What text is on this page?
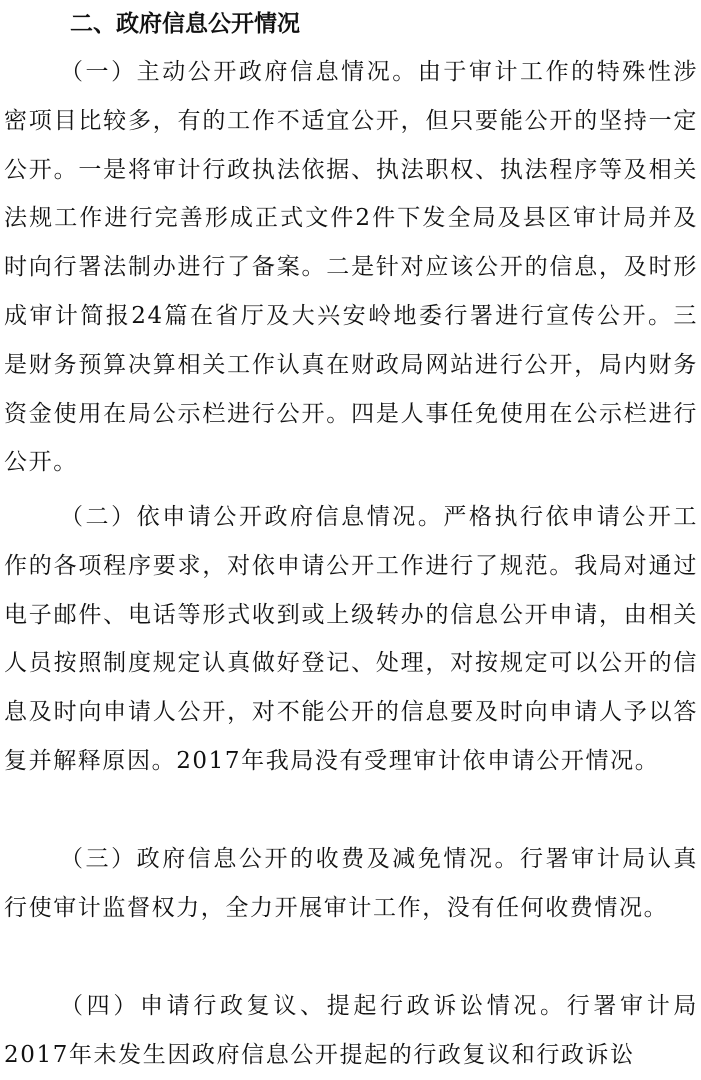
二、政府信息公开情况

（一）主动公开政府信息情况。由于审计工作的特殊性涉密项目比较多，有的工作不适宜公开，但只要能公开的坚持一定公开。一是将审计行政执法依据、执法职权、执法程序等及相关法规工作进行完善形成正式文件2件下发全局及县区审计局并及时向行署法制办进行了备案。二是针对应该公开的信息，及时形成审计简报24篇在省厅及大兴安岭地委行署进行宣传公开。三是财务预算决算相关工作认真在财政局网站进行公开，局内财务资金使用在局公示栏进行公开。四是人事任免使用在公示栏进行公开。

（二）依申请公开政府信息情况。严格执行依申请公开工作的各项程序要求，对依申请公开工作进行了规范。我局对通过电子邮件、电话等形式收到或上级转办的信息公开申请，由相关人员按照制度规定认真做好登记、处理，对按规定可以公开的信息及时向申请人公开，对不能公开的信息要及时向申请人予以答复并解释原因。2017年我局没有受理审计依申请公开情况。

（三）政府信息公开的收费及减免情况。行署审计局认真行使审计监督权力，全力开展审计工作，没有任何收费情况。

（四）申请行政复议、提起行政诉讼情况。行署审计局2017年未发生因政府信息公开提起的行政复议和行政诉讼
